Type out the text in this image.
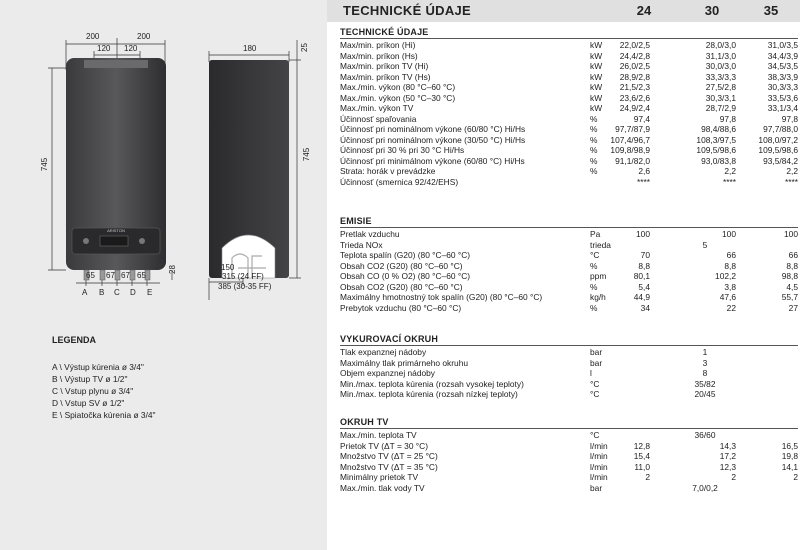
ARISTON
200	200
120 120
745
180	25
745
28
65 67 67 65
A B C D E
150
315 (24 FF)
385 (30-35 FF)
LEGENDA
A \ Výstup kúrenia ø 3/4"
B \ Výstup TV ø 1/2"
C \ Vstup plynu ø 3/4"
D \ Vstup SV ø 1/2"
E \ Spiatočka kúrenia ø 3/4"
TECHNICKÉ ÚDAJE	24	30	35
TECHNICKÉ ÚDAJE
Max/min. príkon (Hi)	kW	22,0/2,5	28,0/3,0	31,0/3,5
Max/min. príkon (Hs)	kW	24,4/2,8	31,1/3,0	34,4/3,9
Max/min. príkon TV (Hi)	kW	26,0/2,5	30,0/3,0	34,5/3,5
Max/min. príkon TV (Hs)	kW	28,9/2,8	33,3/3,3	38,3/3,9
Max./min. výkon (80 °C–60 °C)	kW	21,5/2,3	27,5/2,8	30,3/3,3
Max./min. výkon (50 °C–30 °C)	kW	23,6/2,6	30,3/3,1	33,5/3,6
Max./min. výkon TV	kW	24,9/2,4	28,7/2,9	33,1/3,4
Účinnosť spaľovania	%	97,4	97,8	97,8
Účinnosť pri nominálnom výkone (60/80 °C) Hi/Hs	%	97,7/87,9	98,4/88,6	97,7/88,0
Účinnosť pri nominálnom výkone (30/50 °C) Hi/Hs	%	107,4/96,7	108,3/97,5	108,0/97,2
Účinnosť pri 30 % pri 30 °C Hi/Hs	%	109,8/98,9	109,5/98,6	109,5/98,6
Účinnosť pri minimálnom výkone (60/80 °C) Hi/Hs	%	91,1/82,0	93,0/83,8	93,5/84,2
Strata: horák v prevádzke	%	2,6	2,2	2,2
Účinnosť (smernica 92/42/EHS)	****	****	****
EMISIE
Pretlak vzduchu	Pa	100	100	100
Trieda NOx	trieda	5
Teplota spalín (G20) (80 °C–60 °C)	°C	70	66	66
Obsah CO2 (G20) (80 °C–60 °C)	%	8,8	8,8	8,8
Obsah CO (0 % O2) (80 °C–60 °C)	ppm	80,1	102,2	98,8
Obsah CO2 (G20) (80 °C–60 °C)	%	5,4	3,8	4,5
Maximálny hmotnostný tok spalín (G20) (80 °C–60 °C)	kg/h	44,9	47,6	55,7
Prebytok vzduchu (80 °C–60 °C)	%	34	22	27
VYKUROVACÍ OKRUH
Tlak expanznej nádoby	bar	1
Maximálny tlak primárneho okruhu	bar	3
Objem expanznej nádoby	l	8
Min./max. teplota kúrenia (rozsah vysokej teploty)	°C	35/82
Min./max. teplota kúrenia (rozsah nízkej teploty)	°C	20/45
OKRUH TV
Max./min. teplota TV	°C	36/60
Prietok TV (ΔT = 30 °C)	l/min	12,8	14,3	16,5
Množstvo TV (ΔT = 25 °C)	l/min	15,4	17,2	19,8
Množstvo TV (ΔT = 35 °C)	l/min	11,0	12,3	14,1
Minimálny prietok TV	l/min	2	2	2
Max./min. tlak vody TV	bar	7,0/0,2
